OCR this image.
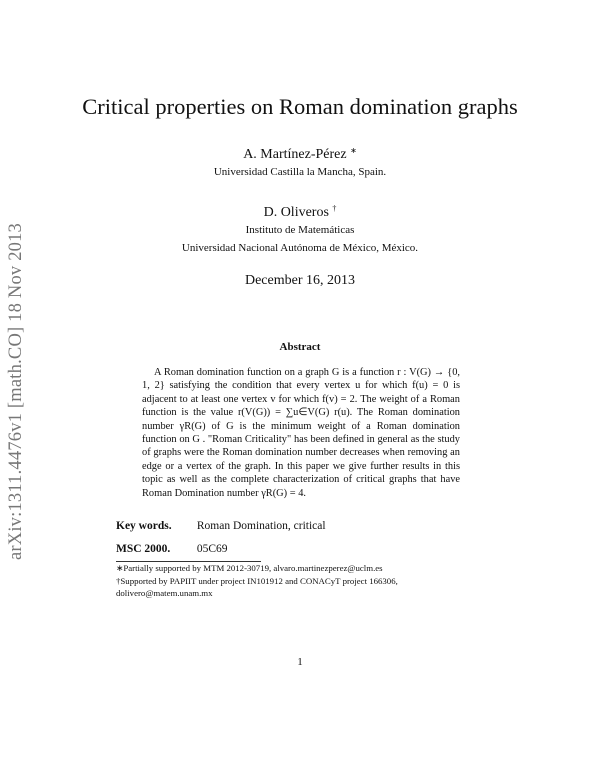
arXiv:1311.4476v1 [math.CO] 18 Nov 2013
Critical properties on Roman domination graphs
A. Martínez-Pérez ∗
Universidad Castilla la Mancha, Spain.
D. Oliveros †
Instituto de Matemáticas
Universidad Nacional Autónoma de México, México.
December 16, 2013
Abstract
A Roman domination function on a graph G is a function r : V(G) → {0, 1, 2} satisfying the condition that every vertex u for which f(u) = 0 is adjacent to at least one vertex v for which f(v) = 2. The weight of a Roman function is the value r(V(G)) = ∑u∈V(G) r(u). The Roman domination number γR(G) of G is the minimum weight of a Roman domination function on G . "Roman Criticality" has been defined in general as the study of graphs were the Roman domination number decreases when removing an edge or a vertex of the graph. In this paper we give further results in this topic as well as the complete characterization of critical graphs that have Roman Domination number γR(G) = 4.
Key words. Roman Domination, critical
MSC 2000. 05C69
∗Partially supported by MTM 2012-30719, alvaro.martinezperez@uclm.es
†Supported by PAPIIT under project IN101912 and CONACyT project 166306, dolivero@matem.unam.mx
1
